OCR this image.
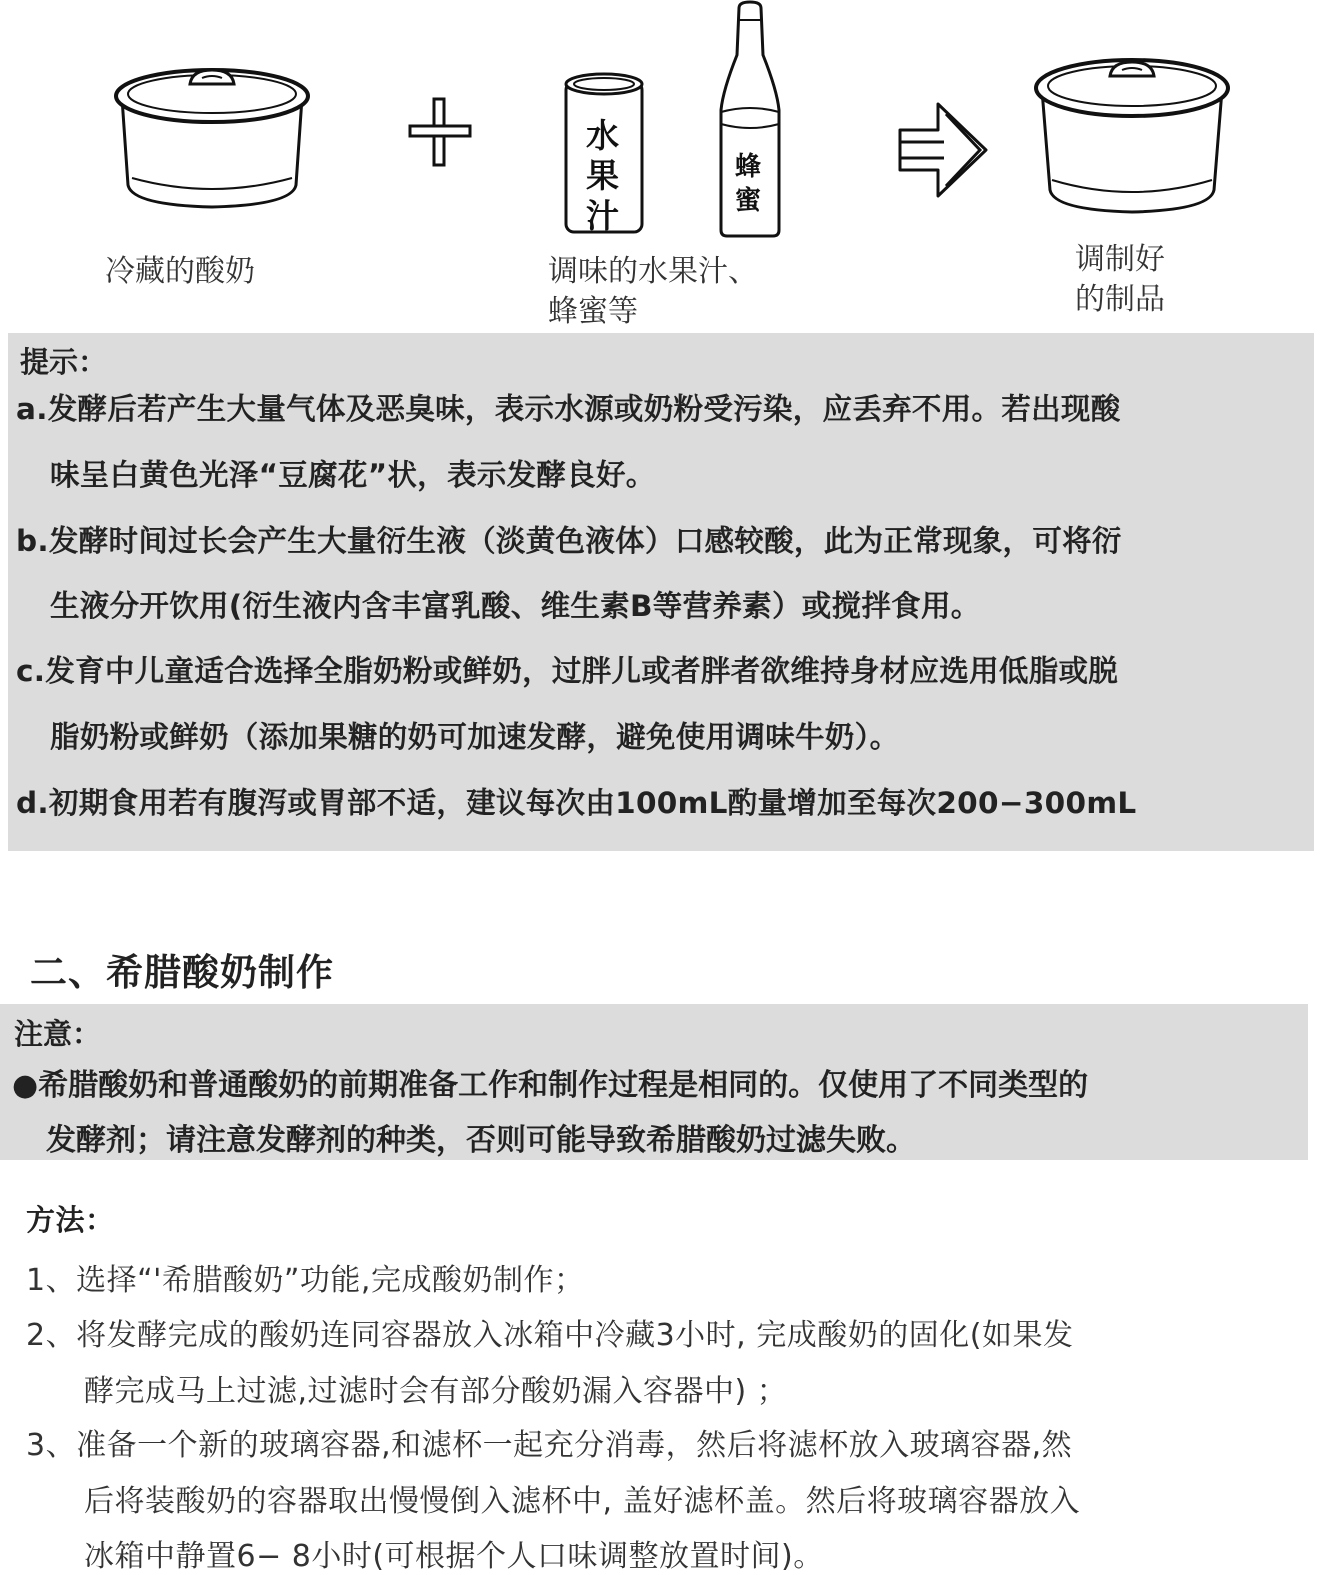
水
果
汁
蜂
蜜
冷藏的酸奶	调味的水果汁、
蜂蜜等
调制好
的制品
提示：
a.发酵后若产生大量气体及恶臭味，表示水源或奶粉受污染，应丢弃不用。若出现酸
味呈白黄色光泽“豆腐花”状，表示发酵良好。
b.发酵时间过长会产生大量衍生液（淡黄色液体）口感较酸，此为正常现象，可将衍
生液分开饮用(衍生液内含丰富乳酸、维生素B等营养素）或搅拌食用。
c.发育中儿童适合选择全脂奶粉或鲜奶，过胖儿或者胖者欲维持身材应选用低脂或脱
脂奶粉或鲜奶（添加果糖的奶可加速发酵，避免使用调味牛奶）。
d.初期食用若有腹泻或胃部不适，建议每次由100mL酌量增加至每次200−300mL
二、希腊酸奶制作
注意：
●希腊酸奶和普通酸奶的前期准备工作和制作过程是相同的。仅使用了不同类型的
发酵剂；请注意发酵剂的种类，否则可能导致希腊酸奶过滤失败。
方法：
1、选择“'希腊酸奶”功能,完成酸奶制作；
2、将发酵完成的酸奶连同容器放入冰箱中冷藏3小时, 完成酸奶的固化(如果发
酵完成马上过滤,过滤时会有部分酸奶漏入容器中) ；
3、准备一个新的玻璃容器,和滤杯一起充分消毒，然后将滤杯放入玻璃容器,然
后将装酸奶的容器取出慢慢倒入滤杯中, 盖好滤杯盖。然后将玻璃容器放入
冰箱中静置6− 8小时(可根据个人口味调整放置时间)。
